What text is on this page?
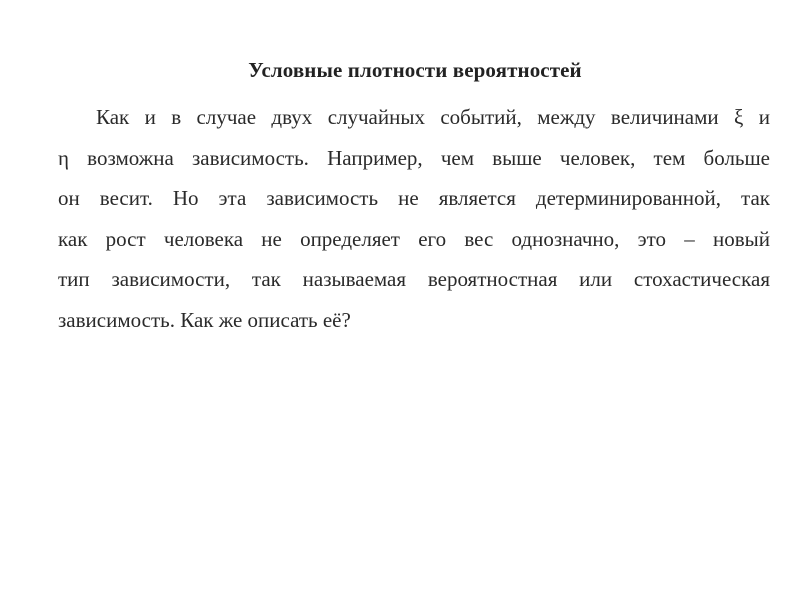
Условные плотности вероятностей
Как и в случае двух случайных событий, между величинами ξ и
η возможна зависимость. Например, чем выше человек, тем больше
он весит. Но эта зависимость не является детерминированной, так
как рост человека не определяет его вес однозначно, это – новый
тип зависимости, так называемая вероятностная или стохастическая
зависимость. Как же описать её?
